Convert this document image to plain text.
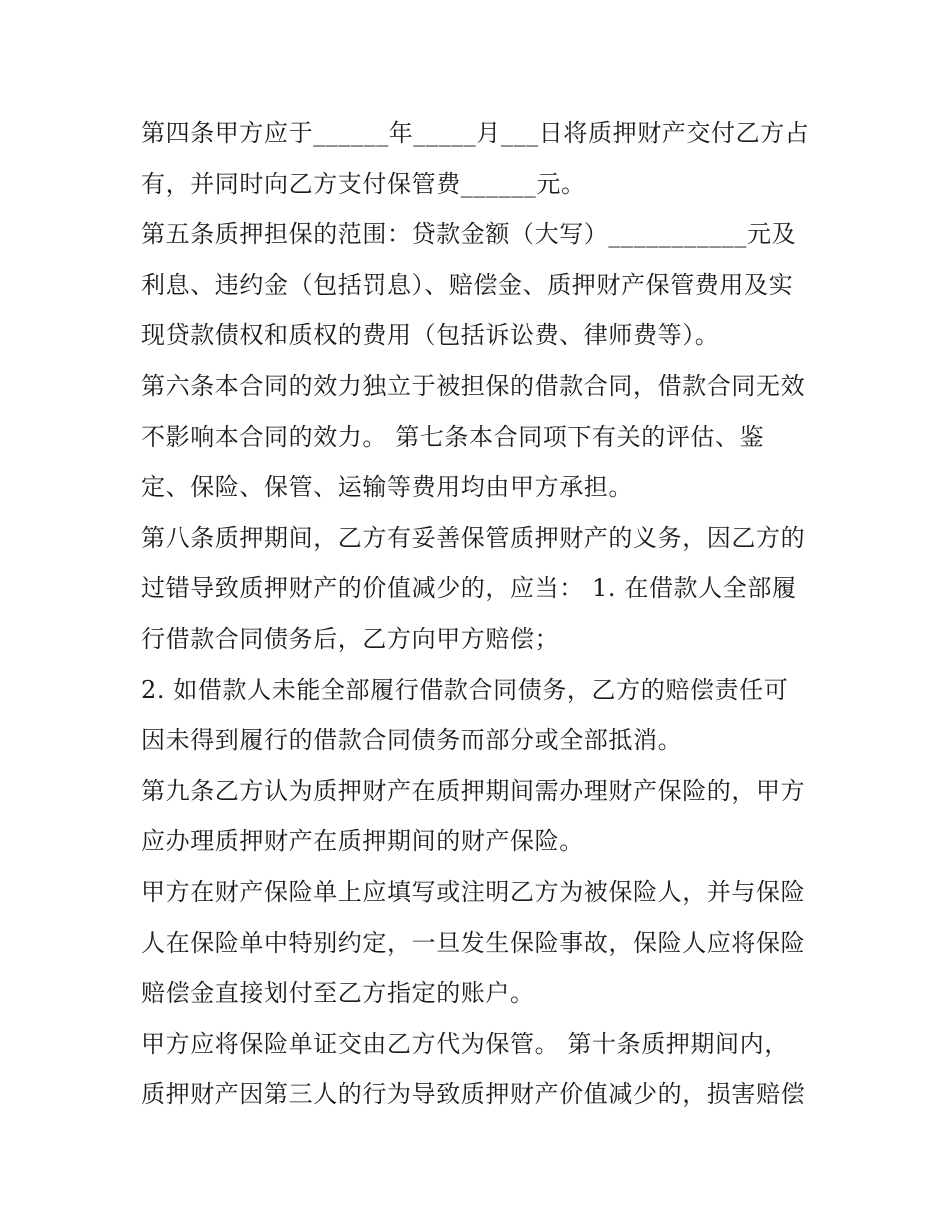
第四条甲方应于______年_____月___日将质押财产交付乙方占
有，并同时向乙方支付保管费______元。
第五条质押担保的范围：贷款金额（大写）___________元及
利息、违约金（包括罚息）、赔偿金、质押财产保管费用及实
现贷款债权和质权的费用（包括诉讼费、律师费等）。
第六条本合同的效力独立于被担保的借款合同，借款合同无效
不影响本合同的效力。 第七条本合同项下有关的评估、鉴
定、保险、保管、运输等费用均由甲方承担。
第八条质押期间，乙方有妥善保管质押财产的义务，因乙方的
过错导致质押财产的价值减少的，应当： 1. 在借款人全部履
行借款合同债务后，乙方向甲方赔偿；
2. 如借款人未能全部履行借款合同债务，乙方的赔偿责任可
因未得到履行的借款合同债务而部分或全部抵消。
第九条乙方认为质押财产在质押期间需办理财产保险的，甲方
应办理质押财产在质押期间的财产保险。
甲方在财产保险单上应填写或注明乙方为被保险人，并与保险
人在保险单中特别约定，一旦发生保险事故，保险人应将保险
赔偿金直接划付至乙方指定的账户。
甲方应将保险单证交由乙方代为保管。 第十条质押期间内，
质押财产因第三人的行为导致质押财产价值减少的，损害赔偿
